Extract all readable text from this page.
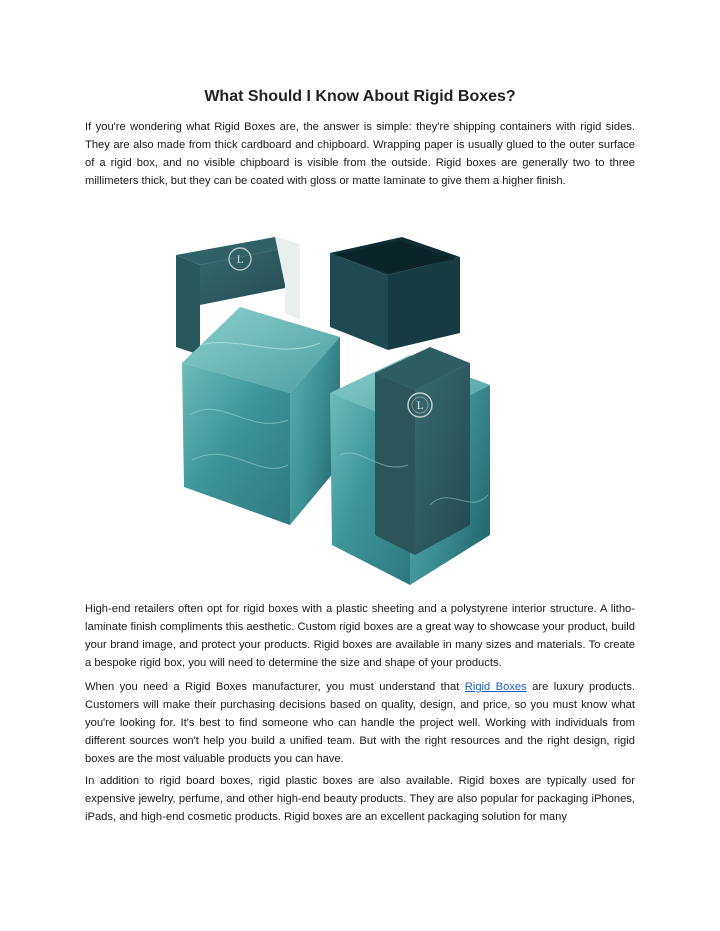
What Should I Know About Rigid Boxes?

If you're wondering what Rigid Boxes are, the answer is simple: they're shipping containers with rigid sides. They are also made from thick cardboard and chipboard. Wrapping paper is usually glued to the outer surface of a rigid box, and no visible chipboard is visible from the outside. Rigid boxes are generally two to three millimeters thick, but they can be coated with gloss or matte laminate to give them a higher finish.

L
L

High-end retailers often opt for rigid boxes with a plastic sheeting and a polystyrene interior structure. A litho-laminate finish compliments this aesthetic. Custom rigid boxes are a great way to showcase your product, build your brand image, and protect your products. Rigid boxes are available in many sizes and materials. To create a bespoke rigid box, you will need to determine the size and shape of your products.

When you need a Rigid Boxes manufacturer, you must understand that Rigid Boxes are luxury products. Customers will make their purchasing decisions based on quality, design, and price, so you must know what you're looking for. It's best to find someone who can handle the project well. Working with individuals from different sources won't help you build a unified team. But with the right resources and the right design, rigid boxes are the most valuable products you can have.

In addition to rigid board boxes, rigid plastic boxes are also available. Rigid boxes are typically used for expensive jewelry, perfume, and other high-end beauty products. They are also popular for packaging iPhones, iPads, and high-end cosmetic products. Rigid boxes are an excellent packaging solution for many
